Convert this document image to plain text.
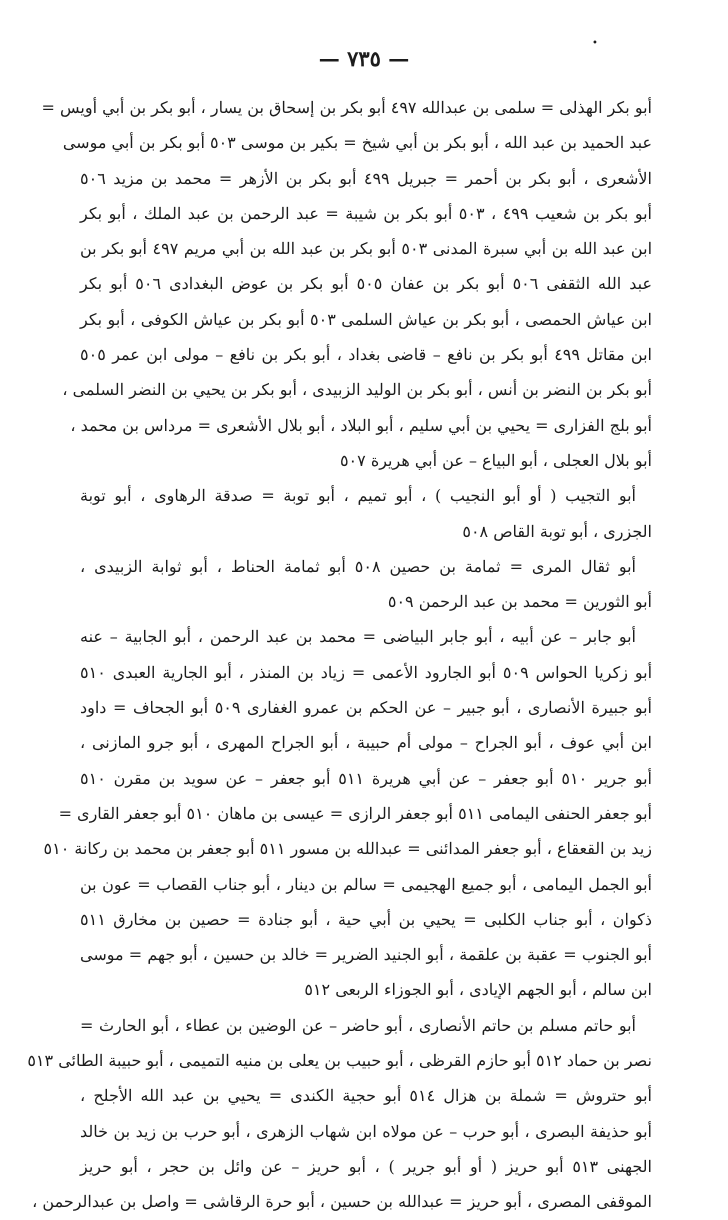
•
— ٧٣٥ —
أبو بكر الهذلى = سلمى بن عبدالله ٤٩٧ أبو بكر بن إسحاق بن يسار ، أبو بكر بن أبي أويس =
عبد الحميد بن عبد الله ، أبو بكر بن أبي شيخ = بكير بن موسى ٥٠٣ أبو بكر بن أبي موسى
الأشعرى ، أبو بكر بن أحمر = جبريل ٤٩٩ أبو بكر بن الأزهر = محمد بن مزيد ٥٠٦
أبو بكر بن شعيب ٤٩٩ ، ٥٠٣ أبو بكر بن شيبة = عبد الرحمن بن عبد الملك ، أبو بكر
ابن عبد الله بن أبي سبرة المدنى ٥٠٣ أبو بكر بن عبد الله بن أبي مريم ٤٩٧ أبو بكر بن
عبد الله الثقفى ٥٠٦ أبو بكر بن عفان ٥٠٥ أبو بكر بن عوض البغدادى ٥٠٦ أبو بكر
ابن عياش الحمصى ، أبو بكر بن عياش السلمى ٥٠٣ أبو بكر بن عياش الكوفى ، أبو بكر
ابن مقاتل ٤٩٩ أبو بكر بن نافع – قاضى بغداد ، أبو بكر بن نافع – مولى ابن عمر ٥٠٥
أبو بكر بن النضر بن أنس ، أبو بكر بن الوليد الزبيدى ، أبو بكر بن يحيي بن النضر السلمى ،
أبو بلج الفزارى = يحيي بن أبي سليم ، أبو البلاد ، أبو بلال الأشعرى = مرداس بن محمد ،
أبو بلال العجلى ، أبو البياع – عن أبي هريرة ٥٠٧
أبو التجيب ( أو أبو النجيب ) ، أبو تميم ، أبو توبة = صدقة الرهاوى ، أبو توبة
الجزرى ، أبو توبة القاص ٥٠٨
أبو ثقال المرى = ثمامة بن حصين ٥٠٨ أبو ثمامة الحناط ، أبو ثوابة الزبيدى ،
أبو الثورين = محمد بن عبد الرحمن ٥٠٩
أبو جابر – عن أبيه ، أبو جابر البياضى = محمد بن عبد الرحمن ، أبو الجابية – عنه
أبو زكريا الحواس ٥٠٩ أبو الجارود الأعمى = زياد بن المنذر ، أبو الجارية العبدى ٥١٠
أبو جبيرة الأنصارى ، أبو جبير – عن الحكم بن عمرو الغفارى ٥٠٩ أبو الجحاف = داود
ابن أبي عوف ، أبو الجراح – مولى أم حبيبة ، أبو الجراح المهرى ، أبو جرو المازنى ،
أبو جرير ٥١٠ أبو جعفر – عن أبي هريرة ٥١١ أبو جعفر – عن سويد بن مقرن ٥١٠
أبو جعفر الحنفى اليمامى ٥١١ أبو جعفر الرازى = عيسى بن ماهان ٥١٠ أبو جعفر القارى =
زيد بن القعقاع ، أبو جعفر المدائنى = عبدالله بن مسور ٥١١ أبو جعفر بن محمد بن ركانة ٥١٠
أبو الجمل اليمامى ، أبو جميع الهجيمى = سالم بن دينار ، أبو جناب القصاب = عون بن
ذكوان ، أبو جناب الكلبى = يحيي بن أبي حية ، أبو جنادة = حصين بن مخارق ٥١١
أبو الجنوب = عقبة بن علقمة ، أبو الجنيد الضرير = خالد بن حسين ، أبو جهم = موسى
ابن سالم ، أبو الجهم الإيادى ، أبو الجوزاء الربعى ٥١٢
أبو حاتم مسلم بن حاتم الأنصارى ، أبو حاضر – عن الوضين بن عطاء ، أبو الحارث =
نصر بن حماد ٥١٢ أبو حازم القرظى ، أبو حبيب بن يعلى بن منيه التميمى ، أبو حبيبة الطائى ٥١٣
أبو حتروش = شملة بن هزال ٥١٤ أبو حجية الكندى = يحيي بن عبد الله الأجلح ،
أبو حذيفة البصرى ، أبو حرب – عن مولاه ابن شهاب الزهرى ، أبو حرب بن زيد بن خالد
الجهنى ٥١٣ أبو حريز ( أو أبو جرير ) ، أبو حريز – عن وائل بن حجر ، أبو حريز
الموقفى المصرى ، أبو حريز = عبدالله بن حسين ، أبو حرة الرقاشى = واصل بن عبدالرحمن ،
